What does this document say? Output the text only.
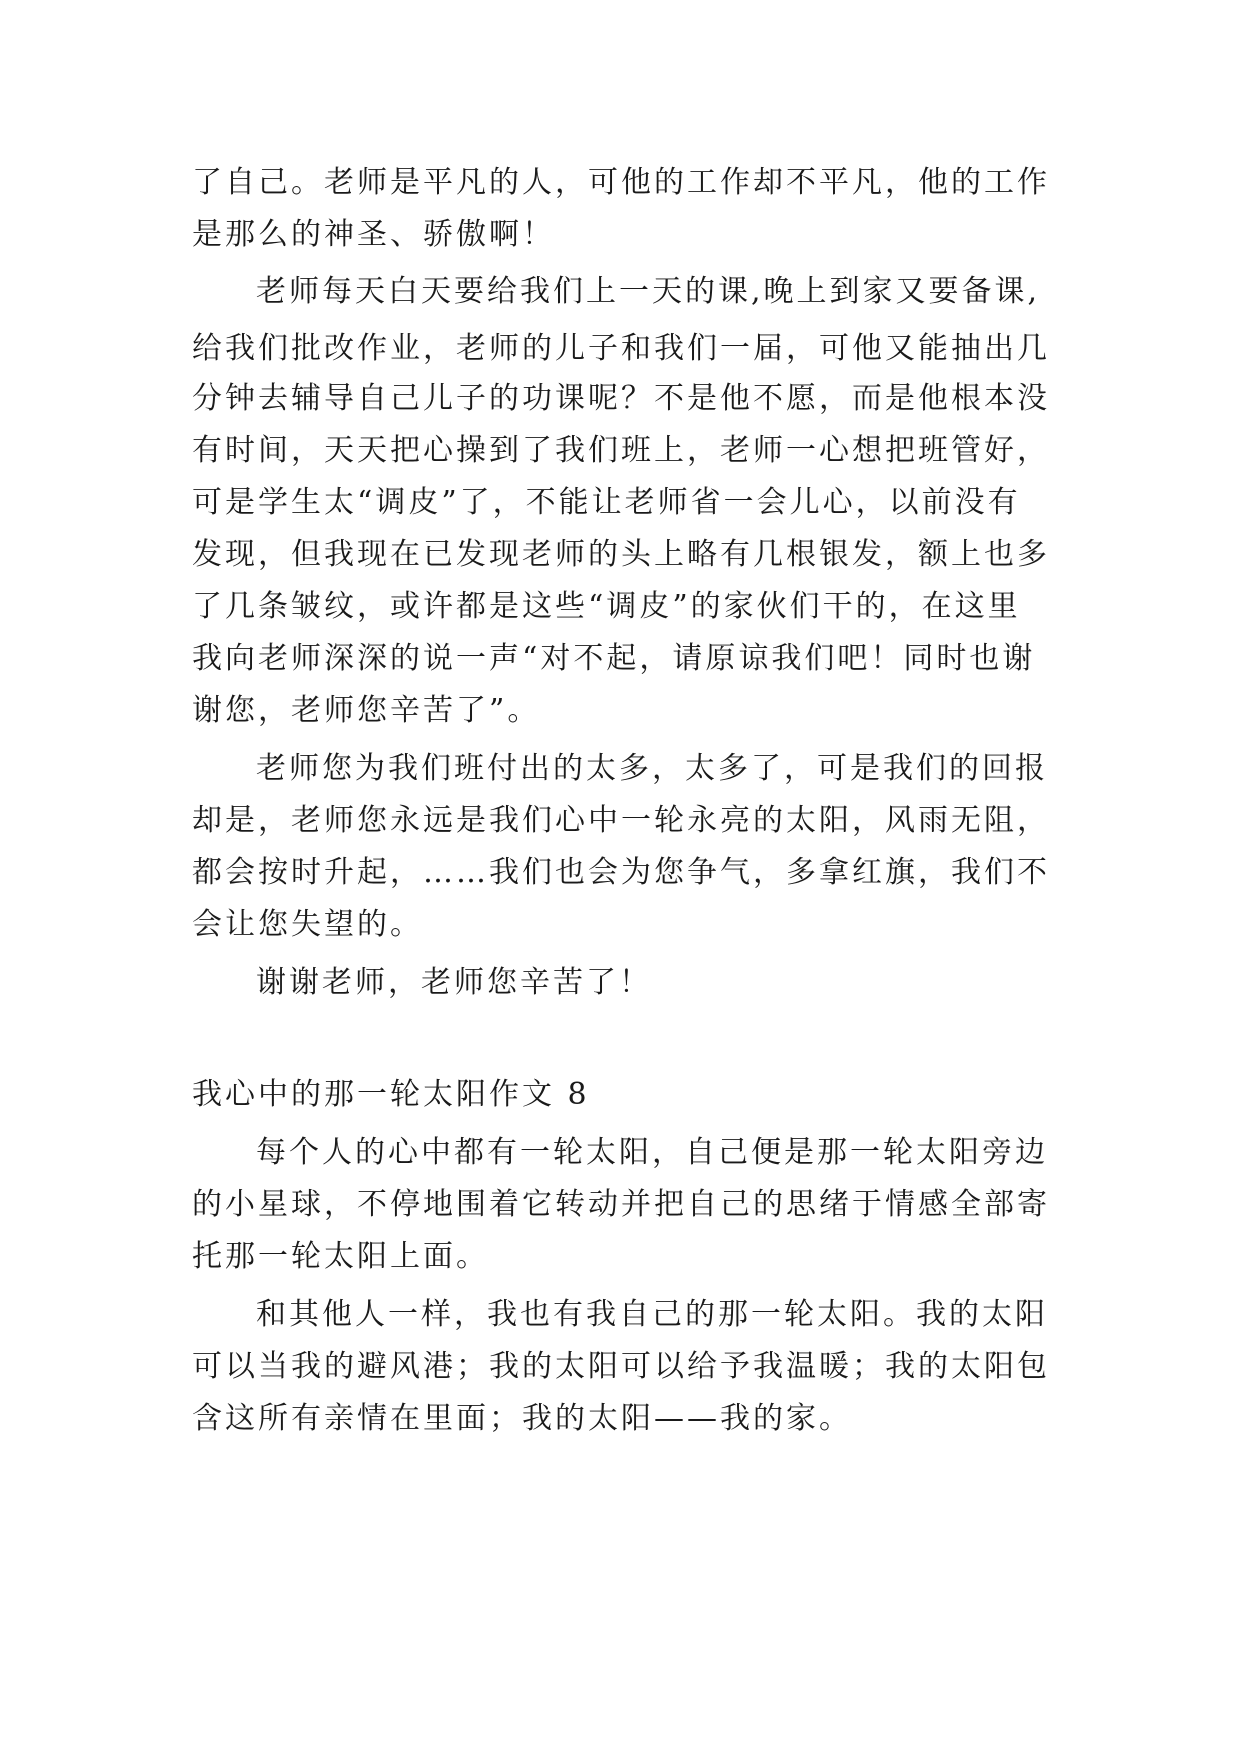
了自己。老师是平凡的人，可他的工作却不平凡，他的工作
是那么的神圣、骄傲啊！
老师每天白天要给我们上一天的课,晚上到家又要备课,
给我们批改作业，老师的儿子和我们一届，可他又能抽出几
分钟去辅导自己儿子的功课呢？不是他不愿，而是他根本没
有时间，天天把心操到了我们班上，老师一心想把班管好，
可是学生太“调皮”了，不能让老师省一会儿心，以前没有
发现，但我现在已发现老师的头上略有几根银发，额上也多
了几条皱纹，或许都是这些“调皮”的家伙们干的，在这里
我向老师深深的说一声“对不起，请原谅我们吧！同时也谢
谢您，老师您辛苦了”。
老师您为我们班付出的太多，太多了，可是我们的回报
却是，老师您永远是我们心中一轮永亮的太阳，风雨无阻，
都会按时升起，……我们也会为您争气，多拿红旗，我们不
会让您失望的。
谢谢老师，老师您辛苦了！
我心中的那一轮太阳作文 8
每个人的心中都有一轮太阳，自己便是那一轮太阳旁边
的小星球，不停地围着它转动并把自己的思绪于情感全部寄
托那一轮太阳上面。
和其他人一样，我也有我自己的那一轮太阳。我的太阳
可以当我的避风港；我的太阳可以给予我温暖；我的太阳包
含这所有亲情在里面；我的太阳——我的家。
